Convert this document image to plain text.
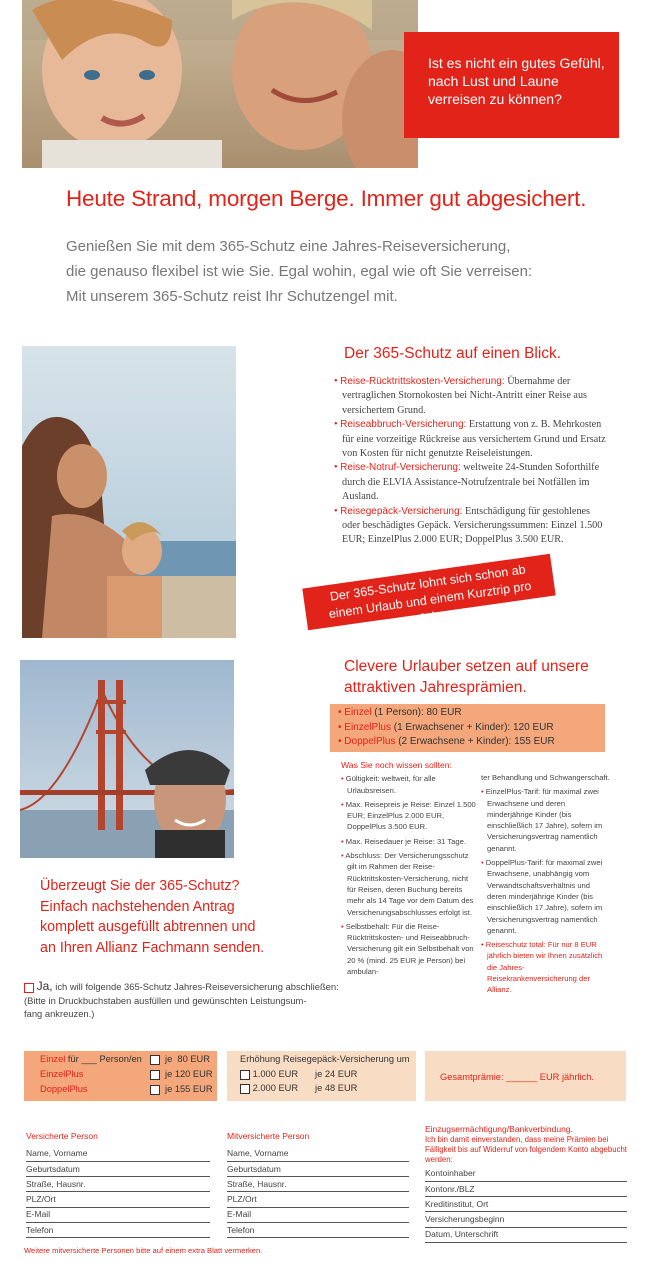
Ist es nicht ein gutes Gefühl, nach Lust und Laune verreisen zu können?
Heute Strand, morgen Berge. Immer gut abgesichert.
Genießen Sie mit dem 365-Schutz eine Jahres-Reiseversicherung,
die genauso flexibel ist wie Sie. Egal wohin, egal wie oft Sie verreisen:
Mit unserem 365-Schutz reist Ihr Schutzengel mit.
Der 365-Schutz auf einen Blick.
• Reise-Rücktrittskosten-Versicherung: Übernahme der vertraglichen Stornokosten bei Nicht-Antritt einer Reise aus versichertem Grund.
• Reiseabbruch-Versicherung: Erstattung von z. B. Mehrkosten für eine vorzeitige Rückreise aus versichertem Grund und Ersatz von Kosten für nicht genutzte Reiseleistungen.
• Reise-Notruf-Versicherung: weltweite 24-Stunden Soforthilfe durch die ELVIA Assistance-Notrufzentrale bei Notfällen im Ausland.
• Reisegepäck-Versicherung: Entschädigung für gestohlenes oder beschädigtes Gepäck. Versicherungssummen: Einzel 1.500 EUR; EinzelPlus 2.000 EUR; DoppelPlus 3.500 EUR.
Der 365-Schutz lohnt sich schon ab einem Urlaub und einem Kurztrip pro Jahr.
Clevere Urlauber setzen auf unsere
attraktiven Jahresprämien.
• Einzel (1 Person): 80 EUR
• EinzelPlus (1 Erwachsener + Kinder): 120 EUR
• DoppelPlus (2 Erwachsene + Kinder): 155 EUR
Was Sie noch wissen sollten:
• Gültigkeit: weltweit, für alle Urlaubsreisen.
• Max. Reisepreis je Reise: Einzel 1.500 EUR; EinzelPlus 2.000 EUR, DoppelPlus 3.500 EUR.
• Max. Reisedauer je Reise: 31 Tage.
• Abschluss: Der Versicherungsschutz gilt im Rahmen der Reise-Rücktrittskosten-Versicherung, nicht für Reisen, deren Buchung bereits mehr als 14 Tage vor dem Datum des Versicherungsabschlusses erfolgt ist.
• Selbstbehalt: Für die Reise-Rücktrittskosten- und Reiseabbruch-Versicherung gilt ein Selbstbehalt von 20 % (mind. 25 EUR je Person) bei ambulan-
ter Behandlung und Schwangerschaft.
• EinzelPlus-Tarif: für maximal zwei Erwachsene und deren minderjährige Kinder (bis einschließlich 17 Jahre), sofern im Versicherungsvertrag namentlich genannt.
• DoppelPlus-Tarif: für maximal zwei Erwachsene, unabhängig vom Verwandtschaftsverhältnis und deren minderjährige Kinder (bis einschließlich 17 Jahre), sofern im Versicherungsvertrag namentlich genannt.
• Reiseschutz total: Für nur 8 EUR jährlich bieten wir Ihnen zusätzlich die Jahres-Reisekrankenversicherung der Allianz.
Überzeugt Sie der 365-Schutz?
Einfach nachstehenden Antrag
komplett ausgefüllt abtrennen und
an Ihren Allianz Fachmann senden.
Ja, ich will folgende 365-Schutz Jahres-Reiseversicherung abschließen:
(Bitte in Druckbuchstaben ausfüllen und gewünschten Leistungsum-
fang ankreuzen.)
Einzel für ___ Person/en je  80 EUR
EinzelPlus	je 120 EUR
DoppelPlus	je 155 EUR
Erhöhung Reisegepäck-Versicherung um
1.000 EUR je 24 EUR
2.000 EUR je 48 EUR
Gesamtprämie: ______ EUR jährlich.
Versicherte Person
Name, Vorname
Geburtsdatum
Straße, Hausnr.
PLZ/Ort
E-Mail
Telefon
Mitversicherte Person
Name, Vorname
Geburtsdatum
Straße, Hausnr.
PLZ/Ort
E-Mail
Telefon
Einzugsermächtigung/Bankverbindung.
Ich bin damit einverstanden, dass meine Prämien bei Fälligkeit bis auf Widerruf von folgendem Konto abgebucht werden:
Kontoinhaber
Kontonr./BLZ
Kreditinstitut, Ort
Versicherungsbeginn
Datum, Unterschrift
Weitere mitversicherte Personen bitte auf einem extra Blatt vermerken.
